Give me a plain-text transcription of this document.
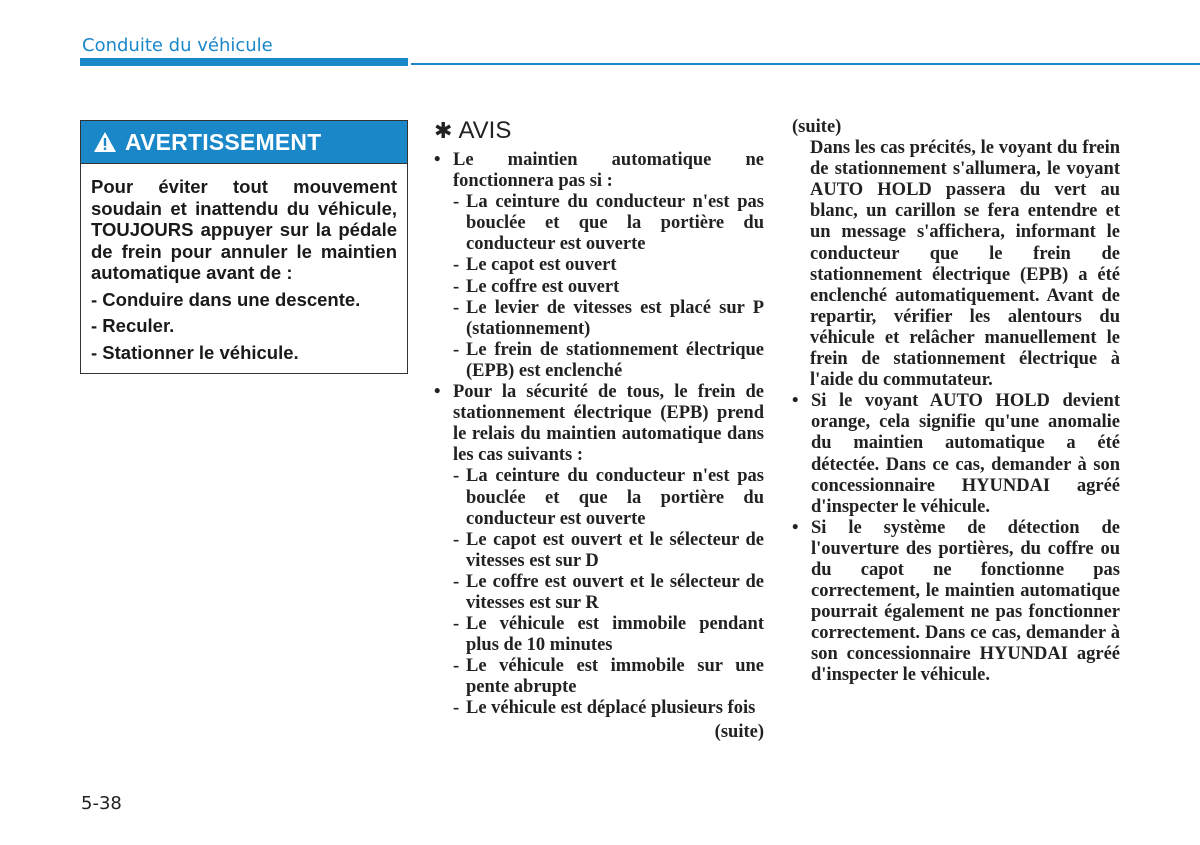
Conduite du véhicule
AVERTISSEMENT

Pour éviter tout mouvement soudain et inattendu du véhicule, TOUJOURS appuyer sur la pédale de frein pour annuler le maintien automatique avant de :

- Conduire dans une descente.

- Reculer.

- Stationner le véhicule.

✱ AVIS
• Le maintien automatique ne fonctionnera pas si :
- La ceinture du conducteur n'est pas bouclée et que la portière du conducteur est ouverte
- Le capot est ouvert
- Le coffre est ouvert
- Le levier de vitesses est placé sur P (stationnement)
- Le frein de stationnement électrique (EPB) est enclenché
• Pour la sécurité de tous, le frein de stationnement électrique (EPB) prend le relais du maintien automatique dans les cas suivants :
- La ceinture du conducteur n'est pas bouclée et que la portière du conducteur est ouverte
- Le capot est ouvert et le sélecteur de vitesses est sur D
- Le coffre est ouvert et le sélecteur de vitesses est sur R
- Le véhicule est immobile pendant plus de 10 minutes
- Le véhicule est immobile sur une pente abrupte
- Le véhicule est déplacé plusieurs fois
(suite)
(suite)
Dans les cas précités, le voyant du frein de stationnement s'allumera, le voyant AUTO HOLD passera du vert au blanc, un carillon se fera entendre et un message s'affichera, informant le conducteur que le frein de stationnement électrique (EPB) a été enclenché automatiquement. Avant de repartir, vérifier les alentours du véhicule et relâcher manuellement le frein de stationnement électrique à l'aide du commutateur.
• Si le voyant AUTO HOLD devient orange, cela signifie qu'une anomalie du maintien automatique a été détectée. Dans ce cas, demander à son concessionnaire HYUNDAI agréé d'inspecter le véhicule.
• Si le système de détection de l'ouverture des portières, du coffre ou du capot ne fonctionne pas correctement, le maintien automatique pourrait également ne pas fonctionner correctement. Dans ce cas, demander à son concessionnaire HYUNDAI agréé d'inspecter le véhicule.
5-38
